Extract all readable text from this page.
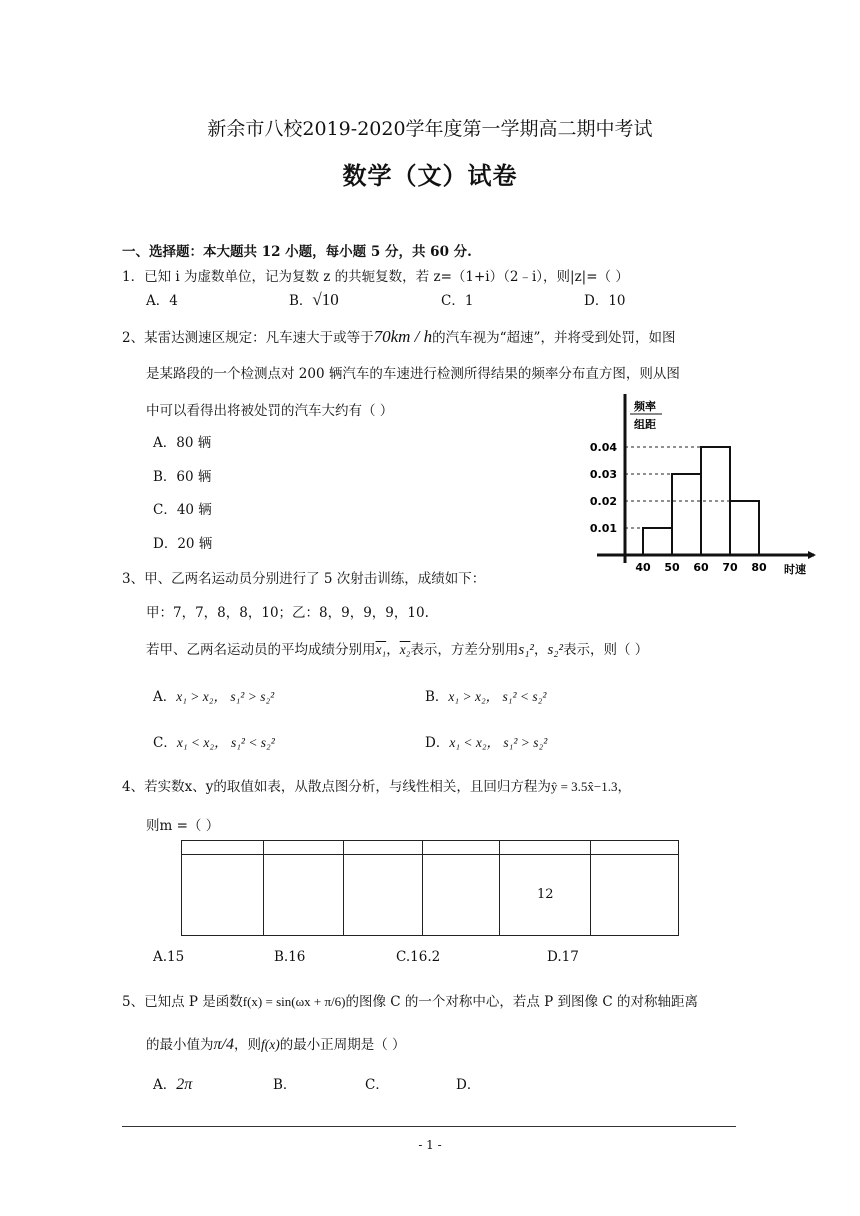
新余市八校2019-2020学年度第一学期高二期中考试
数学（文）试卷
一、选择题：本大题共 12 小题，每小题 5 分，共 60 分.
1．已知 i 为虚数单位，记为复数 z 的共轭复数，若 z=（1+i）（2﹣i），则|z|=（ ）
A．4	B．√10	C．1	D．10
2、某雷达测速区规定：凡车速大于或等于70km / h的汽车视为“超速”，并将受到处罚，如图
是某路段的一个检测点对 200 辆汽车的车速进行检测所得结果的频率分布直方图，则从图
中可以看得出将被处罚的汽车大约有（ ）
A．80 辆
B．60 辆
C．40 辆
D．20 辆
频率
组距
时速
0.01
0.02
0.03
0.04
40 50 60 70 80
3、甲、乙两名运动员分别进行了 5 次射击训练，成绩如下：
甲：7，7，8，8，10；乙：8，9，9，9，10.
若甲、乙两名运动员的平均成绩分别用x₁，x₂表示，方差分别用s₁²，s₂²表示，则（ ）
A．x₁ > x₂， s₁² > s₂²	B．x₁ > x₂， s₁² < s₂²
C．x₁ < x₂， s₁² < s₂²	D．x₁ < x₂， s₁² > s₂²
4、若实数x、y的取值如表，从散点图分析，与线性相关，且回归方程为ŷ = 3.5x̂−1.3，
则m =（ ）

				12	
A.15	B.16	C.16.2	D.17
5、已知点 P 是函数f(x) = sin(ωx + π/6)的图像 C 的一个对称中心，若点 P 到图像 C 的对称轴距离
的最小值为π/4，则f(x)的最小正周期是（ ）
A．2π	B．	C．	D．
- 1 -
